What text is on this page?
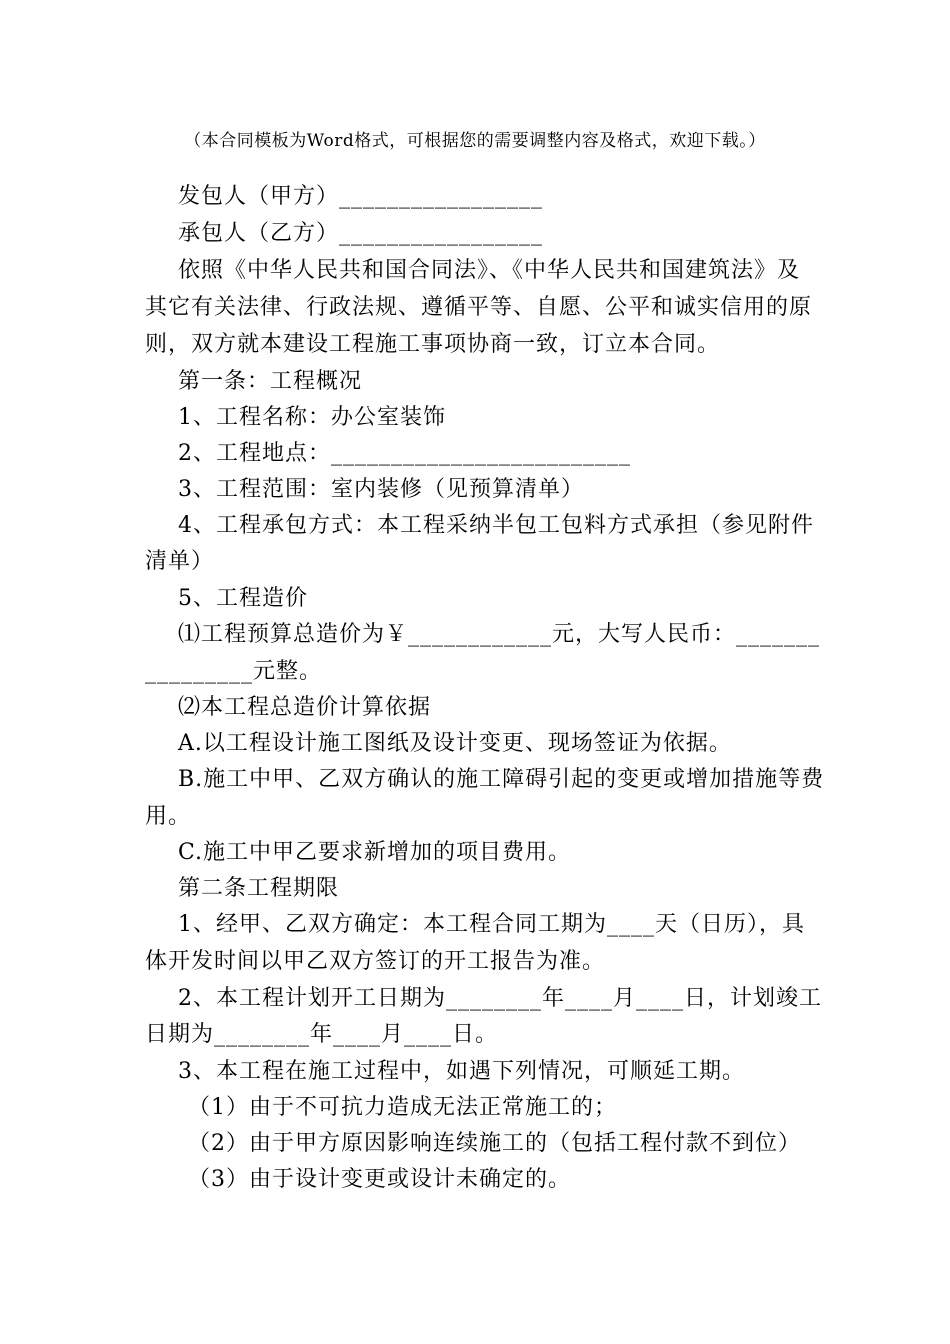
（本合同模板为Word格式，可根据您的需要调整内容及格式，欢迎下载。）
发包人（甲方）_________________
承包人（乙方）_________________
依照《中华人民共和国合同法》、《中华人民共和国建筑法》及
其它有关法律、行政法规、遵循平等、自愿、公平和诚实信用的原
则，双方就本建设工程施工事项协商一致，订立本合同。
第一条：工程概况
1、工程名称：办公室装饰
2、工程地点：_________________________
3、工程范围：室内装修（见预算清单）
4、工程承包方式：本工程采纳半包工包料方式承担（参见附件
清单）
5、工程造价
⑴工程预算总造价为￥____________元，大写人民币：_______
_________元整。
⑵本工程总造价计算依据
A.以工程设计施工图纸及设计变更、现场签证为依据。
B.施工中甲、乙双方确认的施工障碍引起的变更或增加措施等费
用。
C.施工中甲乙要求新增加的项目费用。
第二条工程期限
1、经甲、乙双方确定：本工程合同工期为____天（日历），具
体开发时间以甲乙双方签订的开工报告为准。
2、本工程计划开工日期为________年____月____日，计划竣工
日期为________年____月____日。
3、本工程在施工过程中，如遇下列情况，可顺延工期。
（1）由于不可抗力造成无法正常施工的；
（2）由于甲方原因影响连续施工的（包括工程付款不到位）
（3）由于设计变更或设计未确定的。
